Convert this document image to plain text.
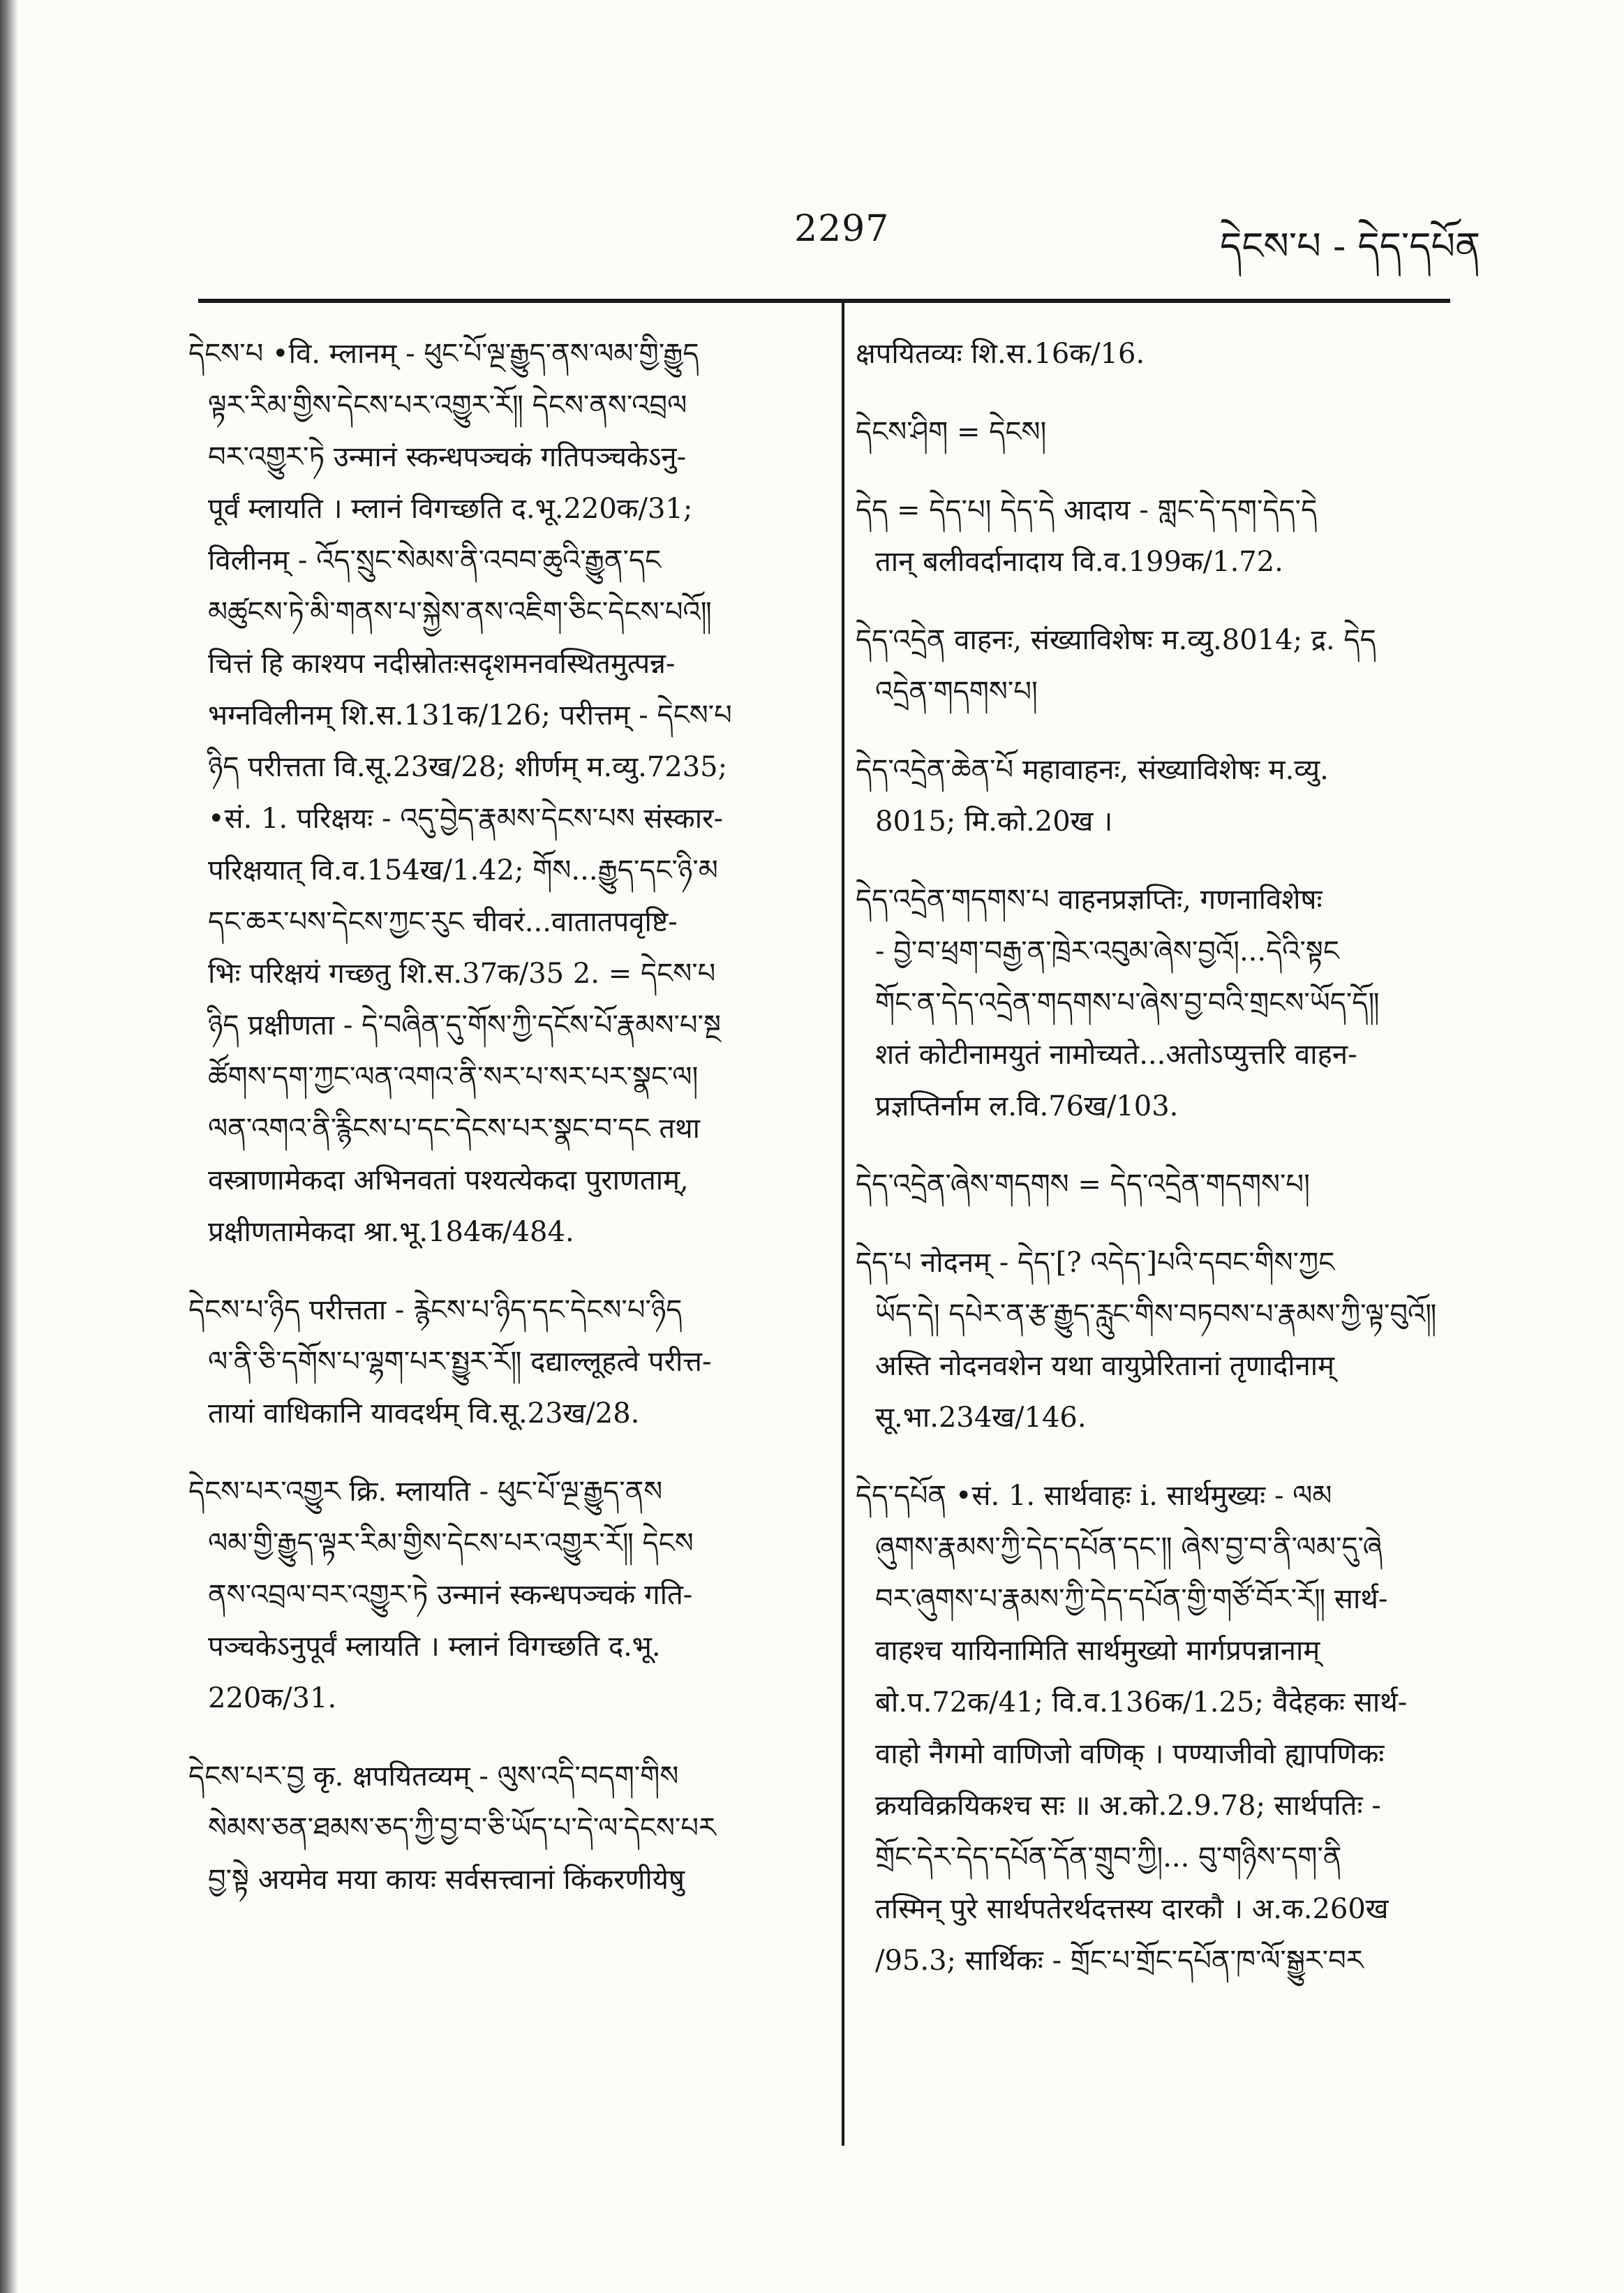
2297	དེངས་པ - དེད་དཔོན
དེངས་པ •वि. म्लानम् - ཕུང་པོ་ལྔ་རྒྱུད་ནས་ལམ་གྱི་རྒྱུད
ལྟར་རིམ་གྱིས་དེངས་པར་འགྱུར་རོ༎ དེངས་ནས་འབྲལ
བར་འགྱུར་ཏེ उन्मानं स्कन्धपञ्चकं गतिपञ्चकेऽनु-
पूर्वं म्लायति । म्लानं विगच्छति द.भू.220क/31;
विलीनम् - འོད་སྲུང་སེམས་ནི་འབབ་ཆུའི་རྒྱུན་དང
མཚུངས་ཏེ་མི་གནས་པ་སྐྱེས་ནས་འཇིག་ཅིང་དེངས་པའོ༎
चित्तं हि काश्यप नदीस्रोतःसदृशमनवस्थितमुत्पन्न-
भग्नविलीनम् शि.स.131क/126; परीत्तम् - དེངས་པ
ཉིད परीत्तता वि.सू.23ख/28; शीर्णम् म.व्यु.7235;
•सं. 1. परिक्षयः - འདུ་བྱེད་རྣམས་དེངས་པས संस्कार-
परिक्षयात् वि.व.154ख/1.42; གོས...རྒྱུད་དང་ཉི་མ
དང་ཆར་པས་དེངས་ཀྱང་རུང चीवरं...वातातपवृष्टि-
भिः परिक्षयं गच्छतु शि.स.37क/35 2. = དེངས་པ
ཉིད प्रक्षीणता - དེ་བཞིན་དུ་གོས་ཀྱི་དངོས་པོ་རྣམས་པ་སྔ
ཚོགས་དག་ཀྱང་ལན་འགའ་ནི་སར་པ་སར་པར་སྣང་ལ།
ལན་འགའ་ནི་རྙིངས་པ་དང་དེངས་པར་སྣང་བ་དང तथा
वस्त्राणामेकदा अभिनवतां पश्यत्येकदा पुराणताम्,
प्रक्षीणतामेकदा श्रा.भू.184क/484.
དེངས་པ་ཉིད परीत्तता - རྙེངས་པ་ཉིད་དང་དེངས་པ་ཉིད
ལ་ནི་ཅི་དགོས་པ་ལྷག་པར་སྤྱུར་རོ༎ दद्याल्लूहत्वे परीत्त-
तायां वाधिकानि यावदर्थम् वि.सू.23ख/28.
དེངས་པར་འགྱུར क्रि. म्लायति - ཕུང་པོ་ལྔ་རྒྱུད་ནས
ལམ་གྱི་རྒྱུད་ལྟར་རིམ་གྱིས་དེངས་པར་འགྱུར་རོ༎ དེངས
ནས་འབྲལ་བར་འགྱུར་ཏེ उन्मानं स्कन्धपञ्चकं गति-
पञ्चकेऽनुपूर्वं म्लायति । म्लानं विगच्छति द.भू.
220क/31.
དེངས་པར་བྱ कृ. क्षपयितव्यम् - ལུས་འདི་བདག་གིས
སེམས་ཅན་ཐམས་ཅད་ཀྱི་བྱ་བ་ཅི་ཡོད་པ་དེ་ལ་དེངས་པར
བྱ་སྟེ अयमेव मया कायः सर्वसत्त्वानां किंकरणीयेषु
क्षपयितव्यः शि.स.16क/16.
དེངས་ཤིག = དེངས།
དེད = དེད་པ། དེད་དེ आदाय - གླང་དེ་དག་དེད་དེ
तान् बलीवर्दानादाय वि.व.199क/1.72.
དེད་འདྲེན वाहनः, संख्याविशेषः म.व्यु.8014; द्र. དེད
འདྲེན་གདགས་པ།
དེད་འདྲེན་ཆེན་པོ महावाहनः, संख्याविशेषः म.व्यु.
8015; मि.को.20ख ।
དེད་འདྲེན་གདགས་པ वाहनप्रज्ञप्तिः, गणनाविशेषः
- བྱེ་བ་ཕྲག་བརྒྱ་ན་ཁྲེར་འབུམ་ཞེས་བྱའོ།...དེའི་སྟང
གོང་ན་དེད་འདྲེན་གདགས་པ་ཞེས་བྱ་བའི་གྲངས་ཡོད་དོ༎
शतं कोटीनामयुतं नामोच्यते...अतोऽप्युत्तरि वाहन-
प्रज्ञप्तिर्नाम ल.वि.76ख/103.
དེད་འདྲེན་ཞེས་གདགས = དེད་འདྲེན་གདགས་པ།
དེད་པ नोदनम् - དེད་[? འདེད་]པའི་དབང་གིས་ཀྱང
ཡོད་དེ། དཔེར་ན་རྩ་རྒྱུད་རླུང་གིས་བཏབས་པ་རྣམས་ཀྱི་ལྟ་བུའོ༎
अस्ति नोदनवशेन यथा वायुप्रेरितानां तृणादीनाम्
सू.भा.234ख/146.
དེད་དཔོན •सं. 1. सार्थवाहः i. सार्थमुख्यः - ལམ
ཞུགས་རྣམས་ཀྱི་དེད་དཔོན་དང་༎ ཞེས་བྱ་བ་ནི་ལམ་དུ་ཞེ
བར་ཞུགས་པ་རྣམས་ཀྱི་དེད་དཔོན་གྱི་གཙོ་བོར་རོ༎ सार्थ-
वाहश्च यायिनामिति सार्थमुख्यो मार्गप्रपन्नानाम्
बो.प.72क/41; वि.व.136क/1.25; वैदेहकः सार्थ-
वाहो नैगमो वाणिजो वणिक् । पण्याजीवो ह्यापणिकः
क्रयविक्रयिकश्च सः ॥ अ.को.2.9.78; सार्थपतिः -
གྲོང་དེར་དེད་དཔོན་དོན་གྲུབ་ཀྱི།... བུ་གཉིས་དག་ནི
तस्मिन् पुरे सार्थपतेरर्थदत्तस्य दारकौ । अ.क.260ख
/95.3; सार्थिकः - གྲོང་པ་གྲོང་དཔོན་ཁ་ལོ་སྒྱུར་བར
